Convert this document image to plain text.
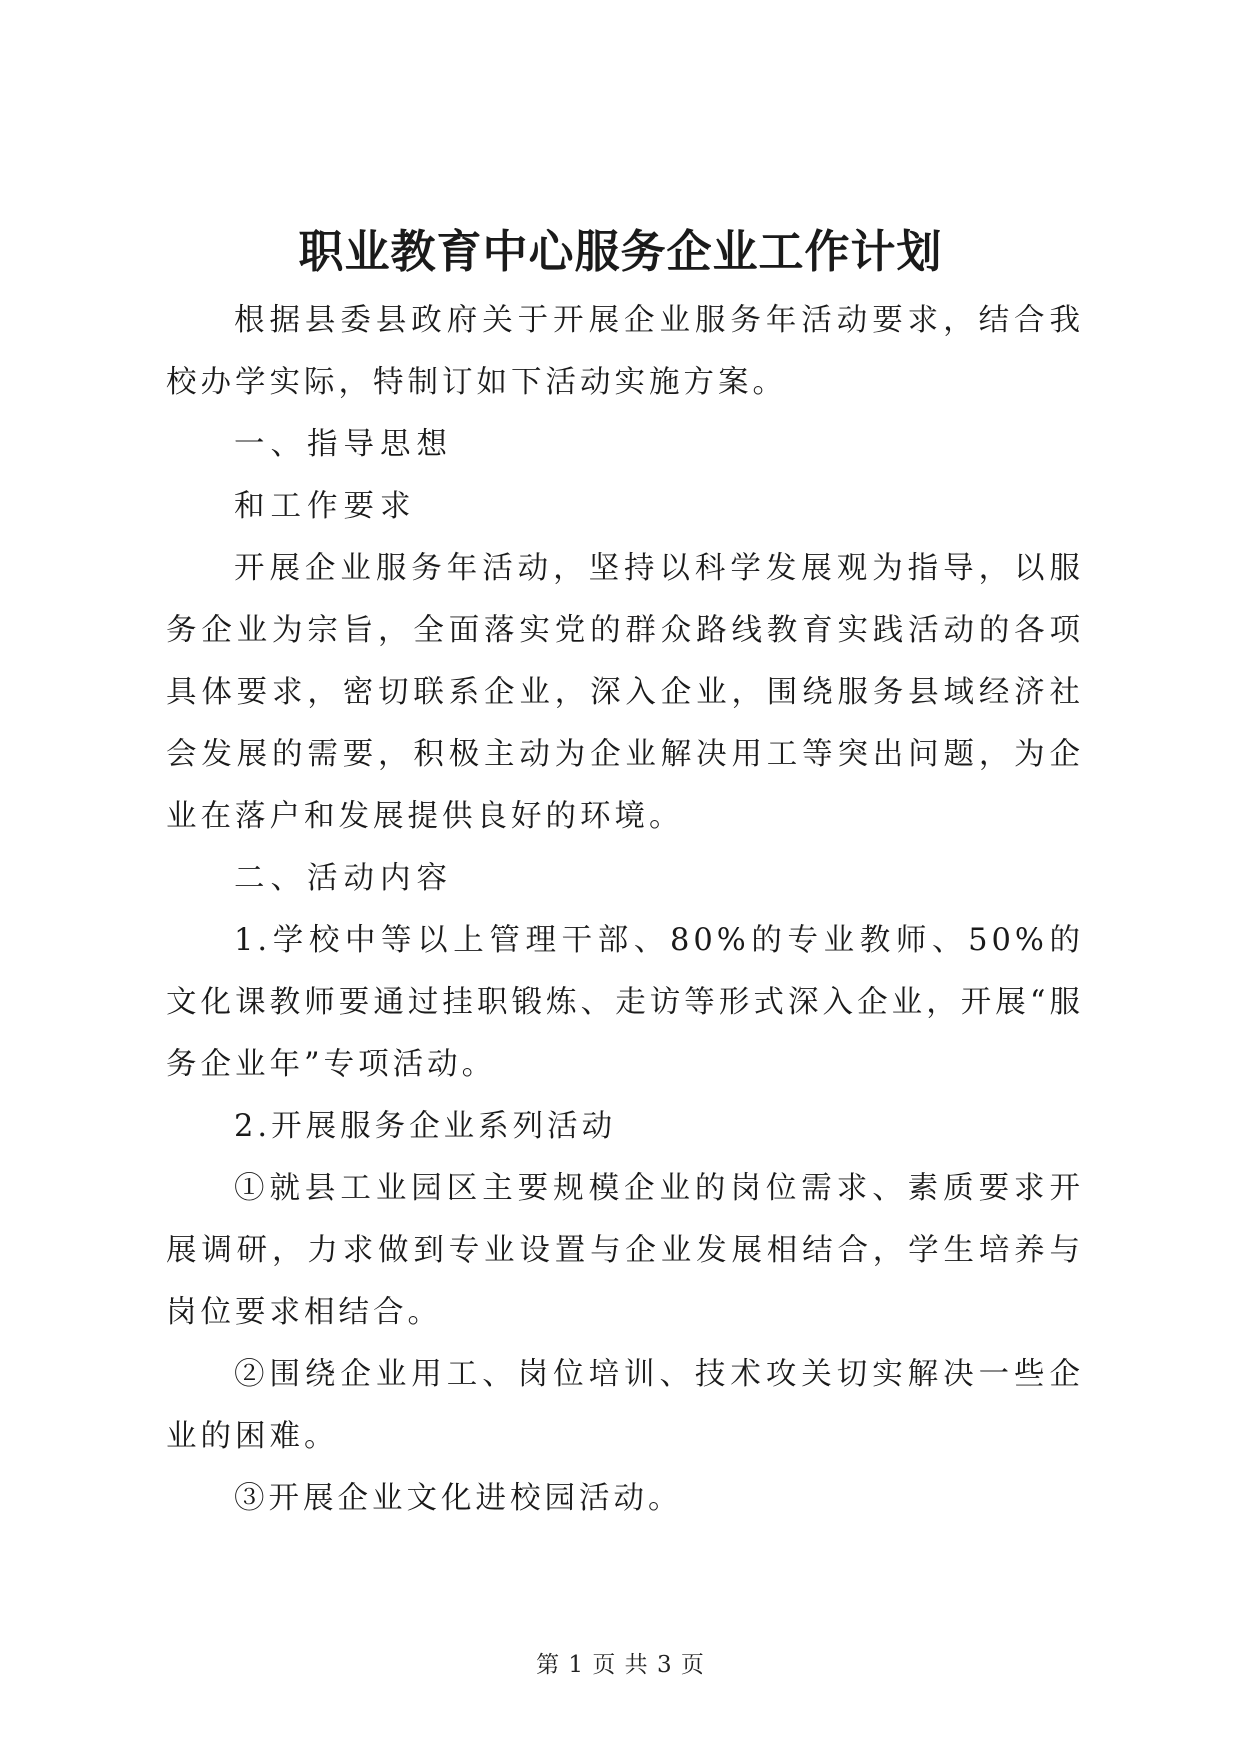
职业教育中心服务企业工作计划

根据县委县政府关于开展企业服务年活动要求，结合我校办学实际，特制订如下活动实施方案。

一、指导思想

和工作要求

开展企业服务年活动，坚持以科学发展观为指导，以服务企业为宗旨，全面落实党的群众路线教育实践活动的各项具体要求，密切联系企业，深入企业，围绕服务县域经济社会发展的需要，积极主动为企业解决用工等突出问题，为企业在落户和发展提供良好的环境。

二、活动内容

1.学校中等以上管理干部、80%的专业教师、50%的文化课教师要通过挂职锻炼、走访等形式深入企业，开展“服务企业年”专项活动。

2.开展服务企业系列活动

①就县工业园区主要规模企业的岗位需求、素质要求开展调研，力求做到专业设置与企业发展相结合，学生培养与岗位要求相结合。

②围绕企业用工、岗位培训、技术攻关切实解决一些企业的困难。

③开展企业文化进校园活动。

第 1 页 共 3 页
